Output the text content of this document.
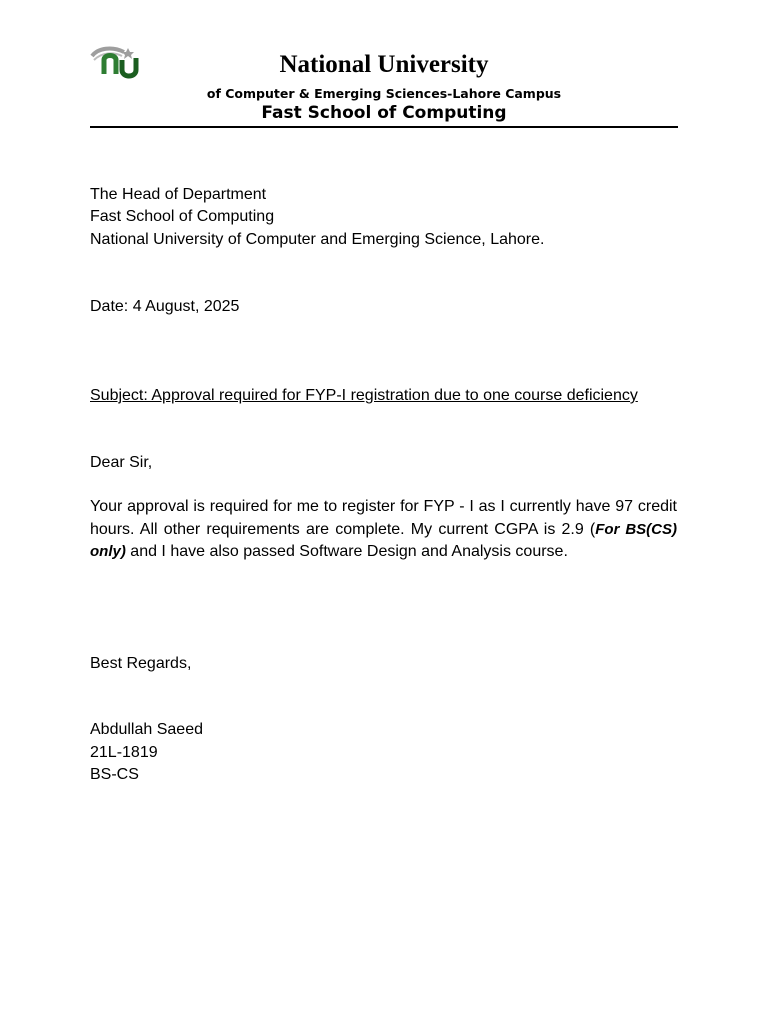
National University
of Computer & Emerging Sciences-Lahore Campus
Fast School of Computing
The Head of Department
Fast School of Computing
National University of Computer and Emerging Science, Lahore.
Date: 4 August, 2025
Subject: Approval required for FYP-I registration due to one course deficiency
Dear Sir,
Your approval is required for me to register for FYP - I as I currently have 97 credit hours. All other requirements are complete. My current CGPA is 2.9 (For BS(CS) only) and I have also passed Software Design and Analysis course.
Best Regards,
Abdullah Saeed
21L-1819
BS-CS
